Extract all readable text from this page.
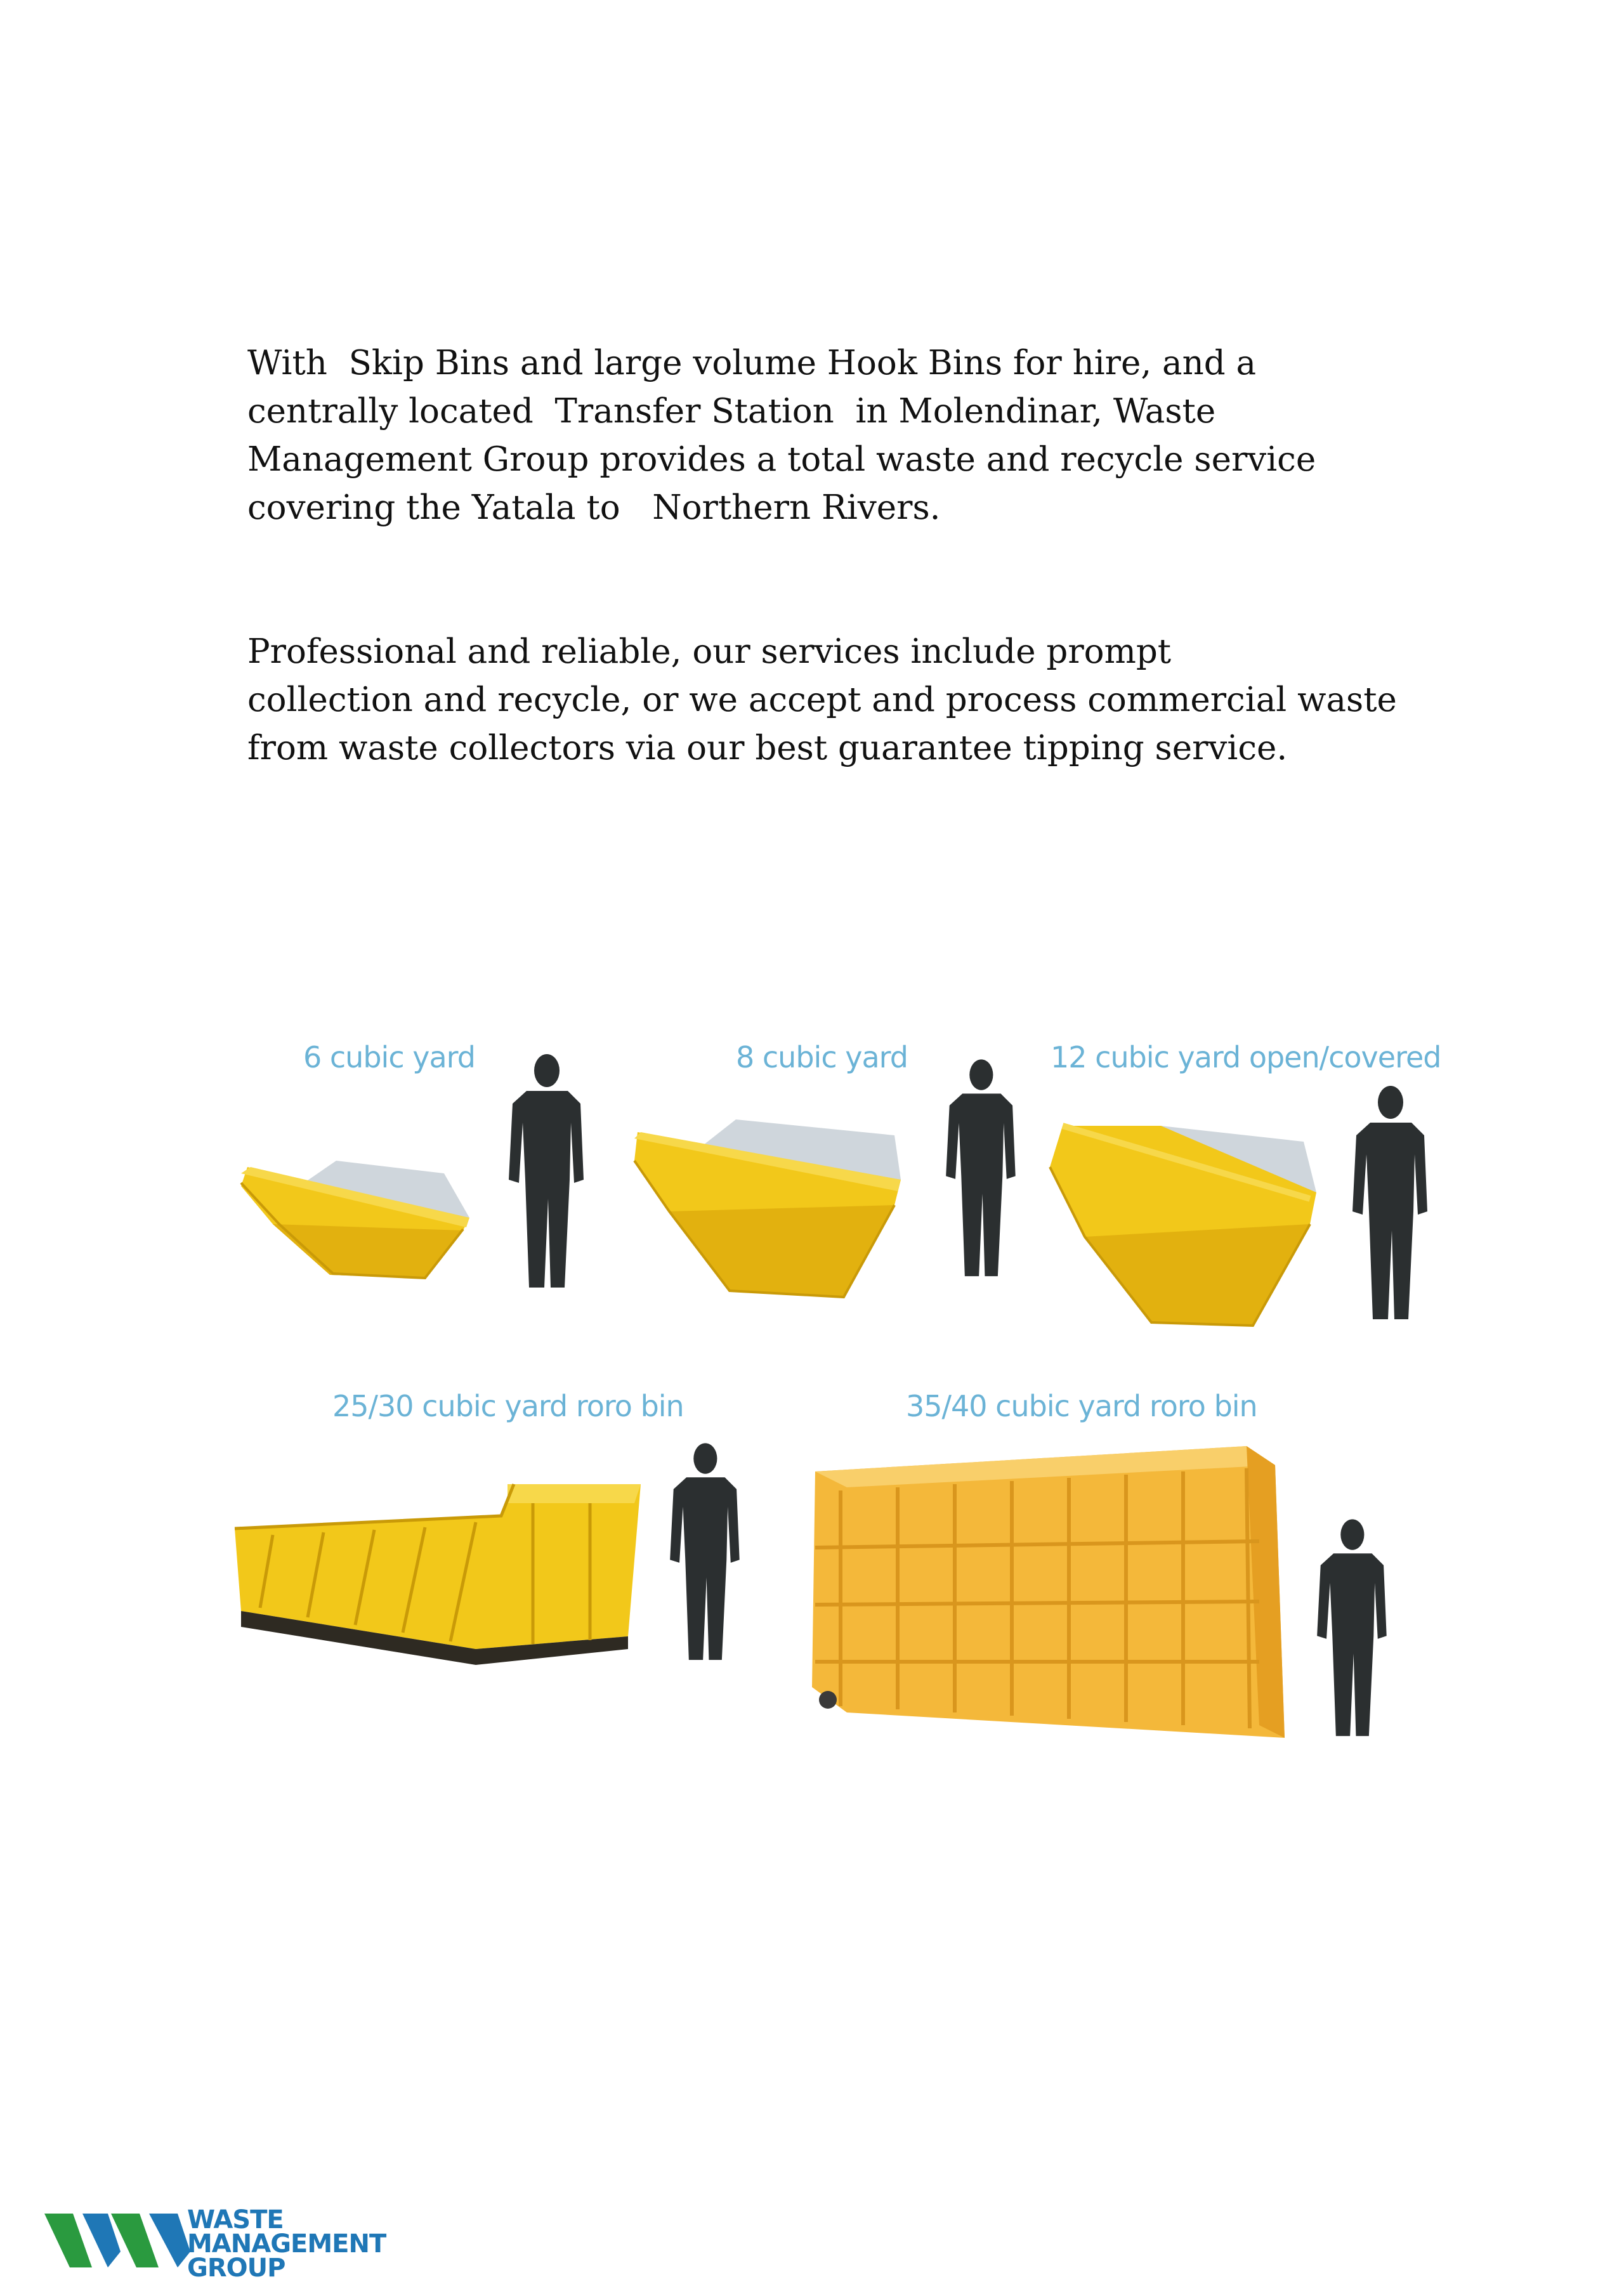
With  Skip Bins and large volume Hook Bins for hire, and a
centrally located  Transfer Station  in Molendinar, Waste
Management Group provides a total waste and recycle service
covering the Yatala to   Northern Rivers.
Professional and reliable, our services include prompt
collection and recycle, or we accept and process commercial waste
from waste collectors via our best guarantee tipping service.
6 cubic yard	8 cubic yard	12 cubic yard open/covered
25/30 cubic yard roro bin	35/40 cubic yard roro bin
WASTE
MANAGEMENT
GROUP
